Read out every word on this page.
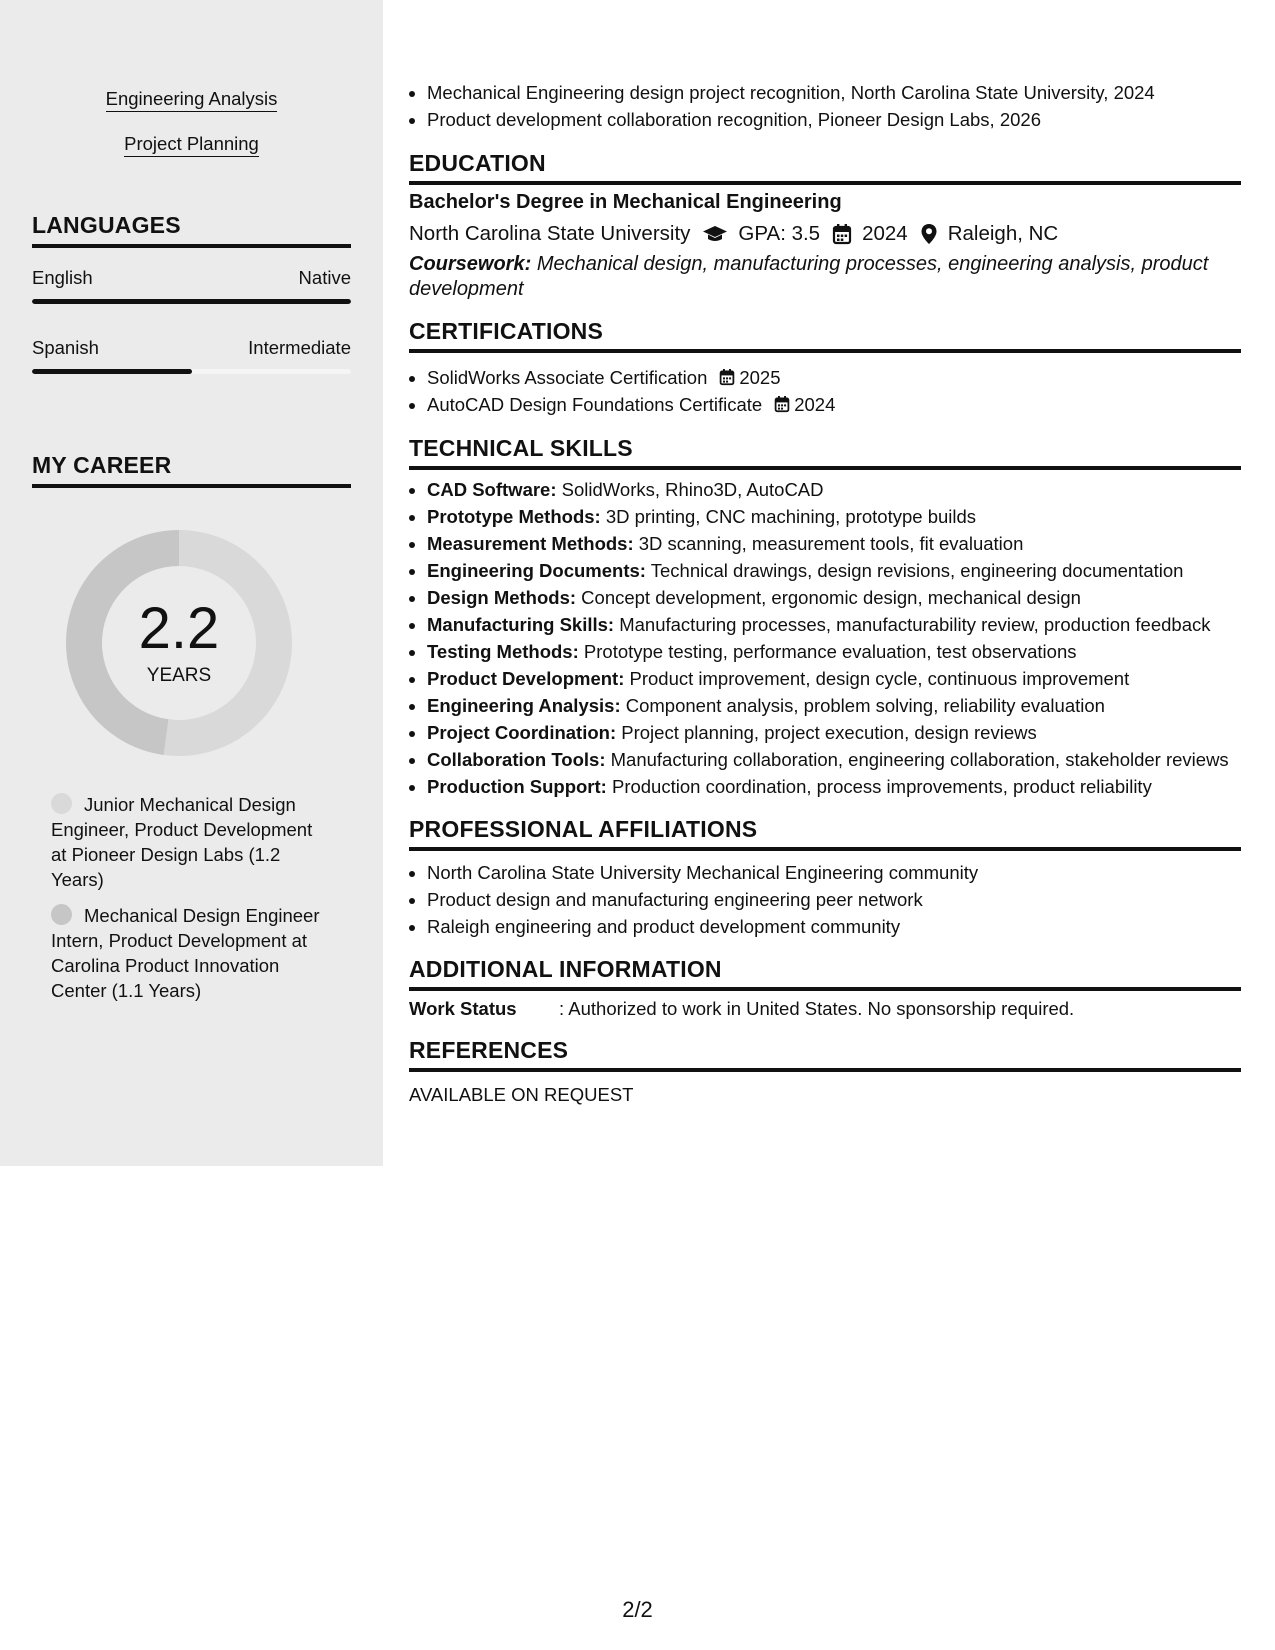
Engineering Analysis
Project Planning
LANGUAGES
English	Native
Spanish	Intermediate
MY CAREER
2.2
YEARS
Junior Mechanical Design Engineer, Product Development at Pioneer Design Labs (1.2 Years)
Mechanical Design Engineer Intern, Product Development at Carolina Product Innovation Center (1.1 Years)
• Mechanical Engineering design project recognition, North Carolina State University, 2024
• Product development collaboration recognition, Pioneer Design Labs, 2026
EDUCATION
Bachelor's Degree in Mechanical Engineering
North Carolina State University GPA: 3.5 2024 Raleigh, NC
Coursework: Mechanical design, manufacturing processes, engineering analysis, product development
CERTIFICATIONS
• SolidWorks Associate Certification 2025
• AutoCAD Design Foundations Certificate 2024
TECHNICAL SKILLS
• CAD Software: SolidWorks, Rhino3D, AutoCAD
• Prototype Methods: 3D printing, CNC machining, prototype builds
• Measurement Methods: 3D scanning, measurement tools, fit evaluation
• Engineering Documents: Technical drawings, design revisions, engineering documentation
• Design Methods: Concept development, ergonomic design, mechanical design
• Manufacturing Skills: Manufacturing processes, manufacturability review, production feedback
• Testing Methods: Prototype testing, performance evaluation, test observations
• Product Development: Product improvement, design cycle, continuous improvement
• Engineering Analysis: Component analysis, problem solving, reliability evaluation
• Project Coordination: Project planning, project execution, design reviews
• Collaboration Tools: Manufacturing collaboration, engineering collaboration, stakeholder reviews
• Production Support: Production coordination, process improvements, product reliability
PROFESSIONAL AFFILIATIONS
• North Carolina State University Mechanical Engineering community
• Product design and manufacturing engineering peer network
• Raleigh engineering and product development community
ADDITIONAL INFORMATION
Work Status : Authorized to work in United States. No sponsorship required.
REFERENCES
AVAILABLE ON REQUEST
2/2
